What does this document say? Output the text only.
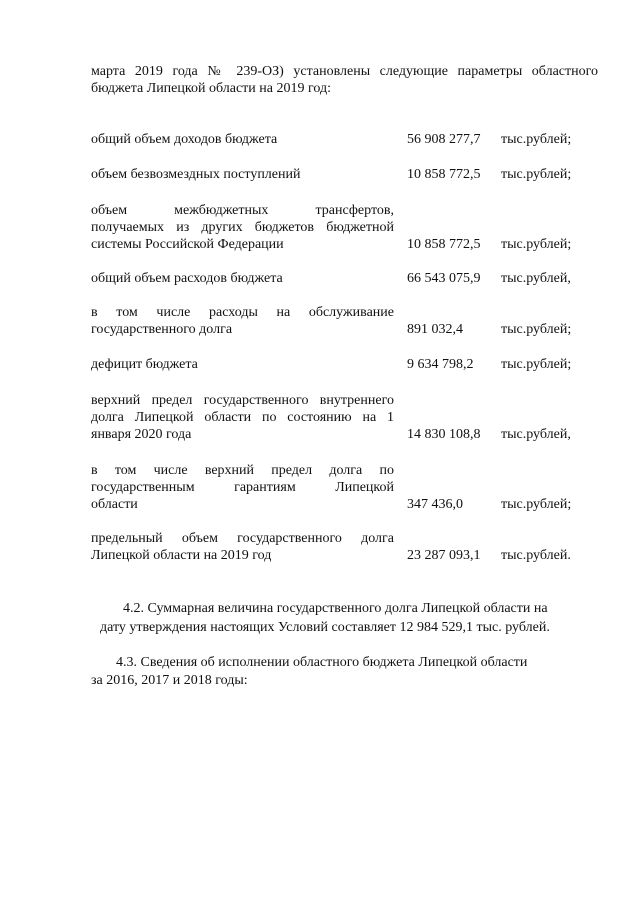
марта 2019 года № 239-ОЗ) установлены следующие параметры областного
бюджета Липецкой области на 2019 год:
общий объем доходов бюджета	56 908 277,7 тыс.рублей;
объем безвозмездных поступлений	10 858 772,5 тыс.рублей;
объем межбюджетных трансфертов,
получаемых из других бюджетов бюджетной
системы Российской Федерации	10 858 772,5 тыс.рублей;
общий объем расходов бюджета	66 543 075,9 тыс.рублей,
в том числе расходы на обслуживание
государственного долга	891 032,4	тыс.рублей;
дефицит бюджета	9 634 798,2 тыс.рублей;
верхний предел государственного внутреннего
долга Липецкой области по состоянию на 1
января 2020 года	14 830 108,8 тыс.рублей,
в том числе верхний предел долга по
государственным гарантиям Липецкой
области	347 436,0	тыс.рублей;
предельный объем государственного долга
Липецкой области на 2019 год	23 287 093,1 тыс.рублей.
4.2. Суммарная величина государственного долга Липецкой области на
дату утверждения настоящих Условий составляет 12 984 529,1 тыс. рублей.
4.3. Сведения об исполнении областного бюджета Липецкой области
за 2016, 2017 и 2018 годы:
